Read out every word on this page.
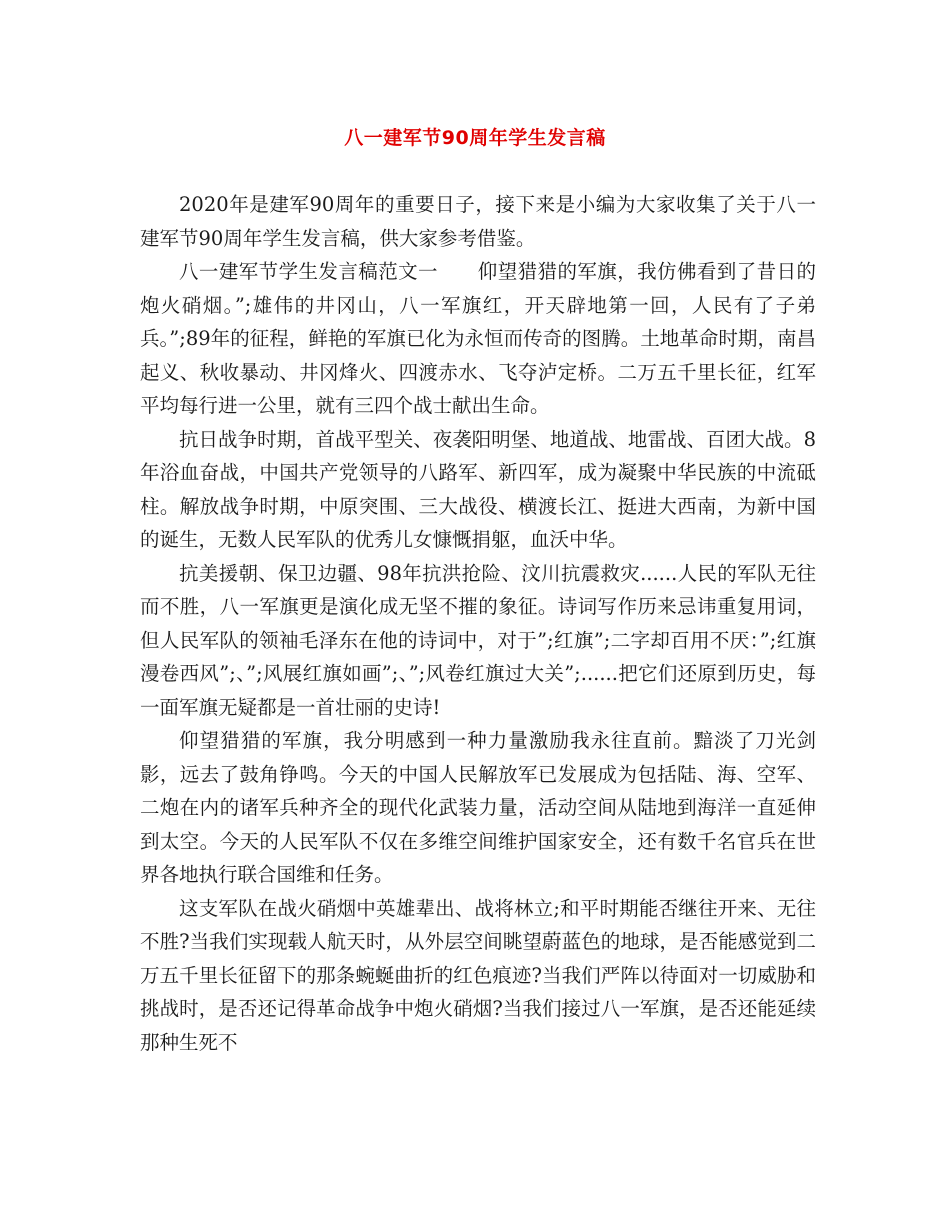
八一建军节90周年学生发言稿

2020年是建军90周年的重要日子，接下来是小编为大家收集了关于八一建军节90周年学生发言稿，供大家参考借鉴。

八一建军节学生发言稿范文一　　仰望猎猎的军旗，我仿佛看到了昔日的炮火硝烟。”;雄伟的井冈山，八一军旗红，开天辟地第一回，人民有了子弟兵。”;89年的征程，鲜艳的军旗已化为永恒而传奇的图腾。土地革命时期，南昌起义、秋收暴动、井冈烽火、四渡赤水、飞夺泸定桥。二万五千里长征，红军平均每行进一公里，就有三四个战士献出生命。

抗日战争时期，首战平型关、夜袭阳明堡、地道战、地雷战、百团大战。8年浴血奋战，中国共产党领导的八路军、新四军，成为凝聚中华民族的中流砥柱。解放战争时期，中原突围、三大战役、横渡长江、挺进大西南，为新中国的诞生，无数人民军队的优秀儿女慷慨捐躯，血沃中华。

抗美援朝、保卫边疆、98年抗洪抢险、汶川抗震救灾......人民的军队无往而不胜，八一军旗更是演化成无坚不摧的象征。诗词写作历来忌讳重复用词，但人民军队的领袖毛泽东在他的诗词中，对于”;红旗”;二字却百用不厌：”;红旗漫卷西风”;、”;风展红旗如画”;、”;风卷红旗过大关”;......把它们还原到历史，每一面军旗无疑都是一首壮丽的史诗!

仰望猎猎的军旗，我分明感到一种力量激励我永往直前。黯淡了刀光剑影，远去了鼓角铮鸣。今天的中国人民解放军已发展成为包括陆、海、空军、二炮在内的诸军兵种齐全的现代化武装力量，活动空间从陆地到海洋一直延伸到太空。今天的人民军队不仅在多维空间维护国家安全，还有数千名官兵在世界各地执行联合国维和任务。

这支军队在战火硝烟中英雄辈出、战将林立;和平时期能否继往开来、无往不胜?当我们实现载人航天时，从外层空间眺望蔚蓝色的地球，是否能感觉到二万五千里长征留下的那条蜿蜒曲折的红色痕迹?当我们严阵以待面对一切威胁和挑战时，是否还记得革命战争中炮火硝烟?当我们接过八一军旗，是否还能延续那种生死不
